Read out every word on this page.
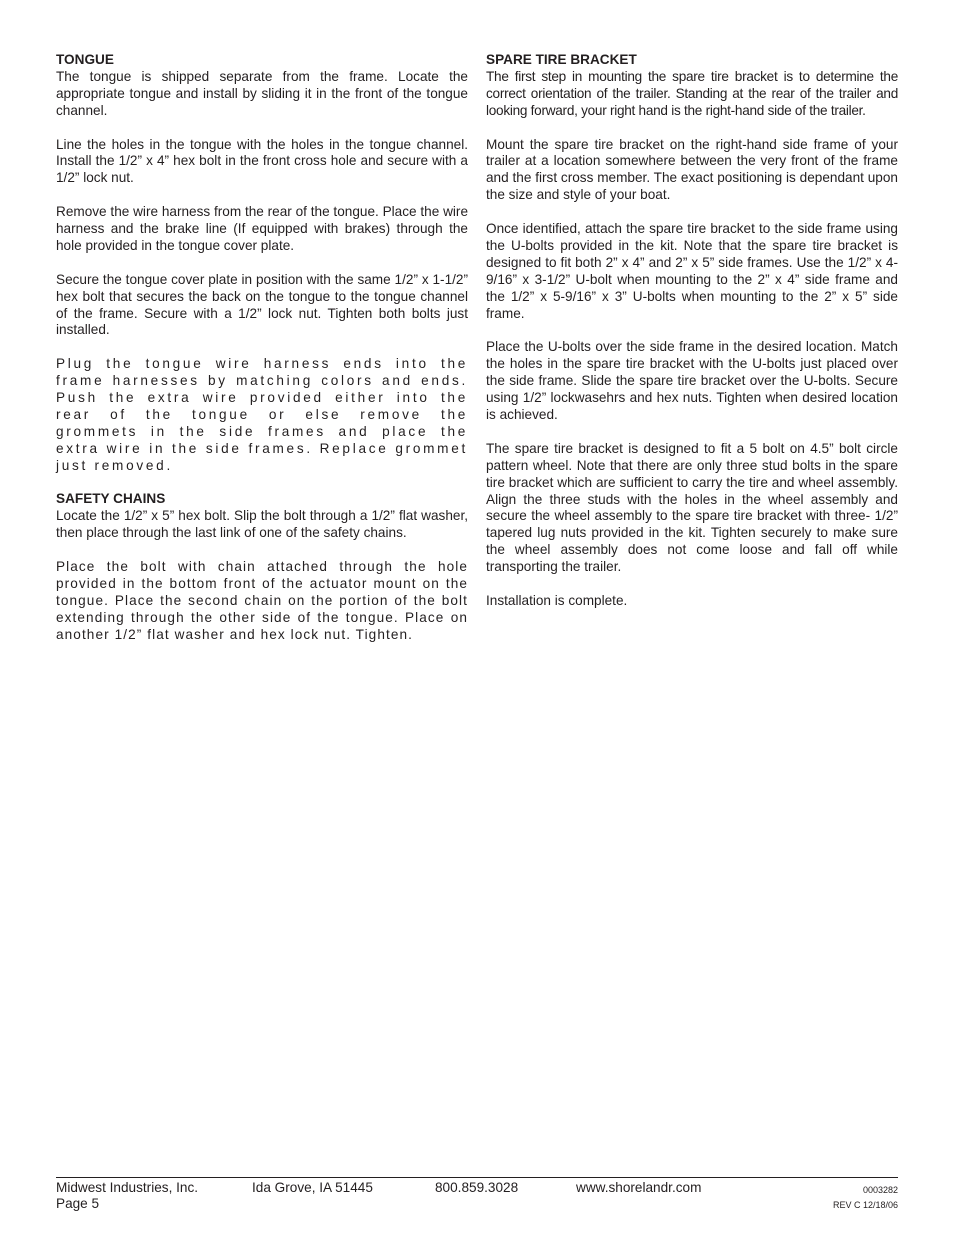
TONGUE

The tongue is shipped separate from the frame. Locate the appropriate tongue and install by sliding it in the front of the tongue channel.

Line the holes in the tongue with the holes in the tongue channel. Install the 1/2” x 4” hex bolt in the front cross hole and secure with a 1/2” lock nut.

Remove the wire harness from the rear of the tongue. Place the wire harness and the brake line (If equipped with brakes) through the hole provided in the tongue cover plate.

Secure the tongue cover plate in position with the same 1/2” x 1-1/2” hex bolt that secures the back on the tongue to the tongue channel of the frame. Secure with a 1/2” lock nut. Tighten both bolts just installed.

Plug the tongue wire harness ends into the frame harnesses by matching colors and ends. Push the extra wire provided either into the rear of the tongue or else remove the grommets in the side frames and place the extra wire in the side frames. Replace grommet just removed.

SAFETY CHAINS

Locate the 1/2” x 5” hex bolt. Slip the bolt through a 1/2” flat washer, then place through the last link of one of the safety chains.

Place the bolt with chain attached through the hole provided in the bottom front of the actuator mount on the tongue. Place the second chain on the portion of the bolt extending through the other side of the tongue. Place on another 1/2” flat washer and hex lock nut. Tighten.

SPARE TIRE BRACKET

The first step in mounting the spare tire bracket is to determine the correct orientation of the trailer. Standing at the rear of the trailer and looking forward, your right hand is the right-hand side of the trailer.

Mount the spare tire bracket on the right-hand side frame of your trailer at a location somewhere between the very front of the frame and the first cross member. The exact positioning is dependant upon the size and style of your boat.

Once identified, attach the spare tire bracket to the side frame using the U-bolts provided in the kit. Note that the spare tire bracket is designed to fit both 2” x 4” and 2” x 5” side frames. Use the 1/2” x 4-9/16” x 3-1/2” U-bolt when mounting to the 2” x 4” side frame and the 1/2” x 5-9/16” x 3” U-bolts when mounting to the 2” x 5” side frame.

Place the U-bolts over the side frame in the desired location. Match the holes in the spare tire bracket with the U-bolts just placed over the side frame. Slide the spare tire bracket over the U-bolts. Secure using 1/2” lockwasehrs and hex nuts. Tighten when desired location is achieved.

The spare tire bracket is designed to fit a 5 bolt on 4.5” bolt circle pattern wheel. Note that there are only three stud bolts in the spare tire bracket which are sufficient to carry the tire and wheel assembly. Align the three studs with the holes in the wheel assembly and secure the wheel assembly to the spare tire bracket with three- 1/2” tapered lug nuts provided in the kit. Tighten securely to make sure the wheel assembly does not come loose and fall off while transporting the trailer.

Installation is complete.

Midwest Industries, Inc.	Ida Grove, IA 51445	800.859.3028	www.shorelandr.com
Page 5
0003282
REV C 12/18/06
